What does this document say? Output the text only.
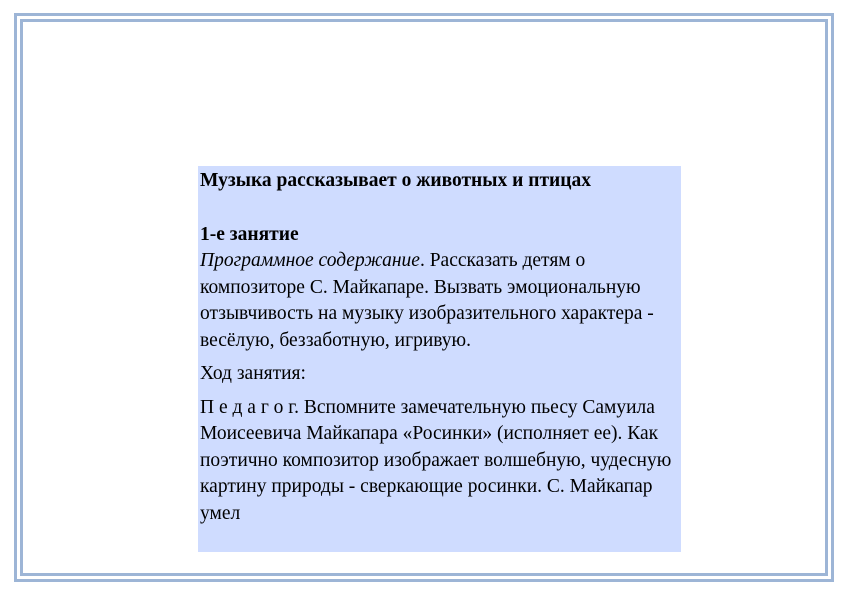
Музыка рассказывает о животных и птицах

1-е занятие

Программное содержание. Рассказать детям о композиторе С. Майкапаре. Вызвать эмоциональную отзывчивость на музыку изобразительного характера - весёлую, беззаботную, игривую.

Ход занятия:

П е д а г о г. Вспомните замечательную пьесу Самуила Моисеевича Майкапара «Росинки» (исполняет ее). Как поэтично композитор изображает волшебную, чудесную картину природы - сверкающие росинки. С. Майкапар умел
